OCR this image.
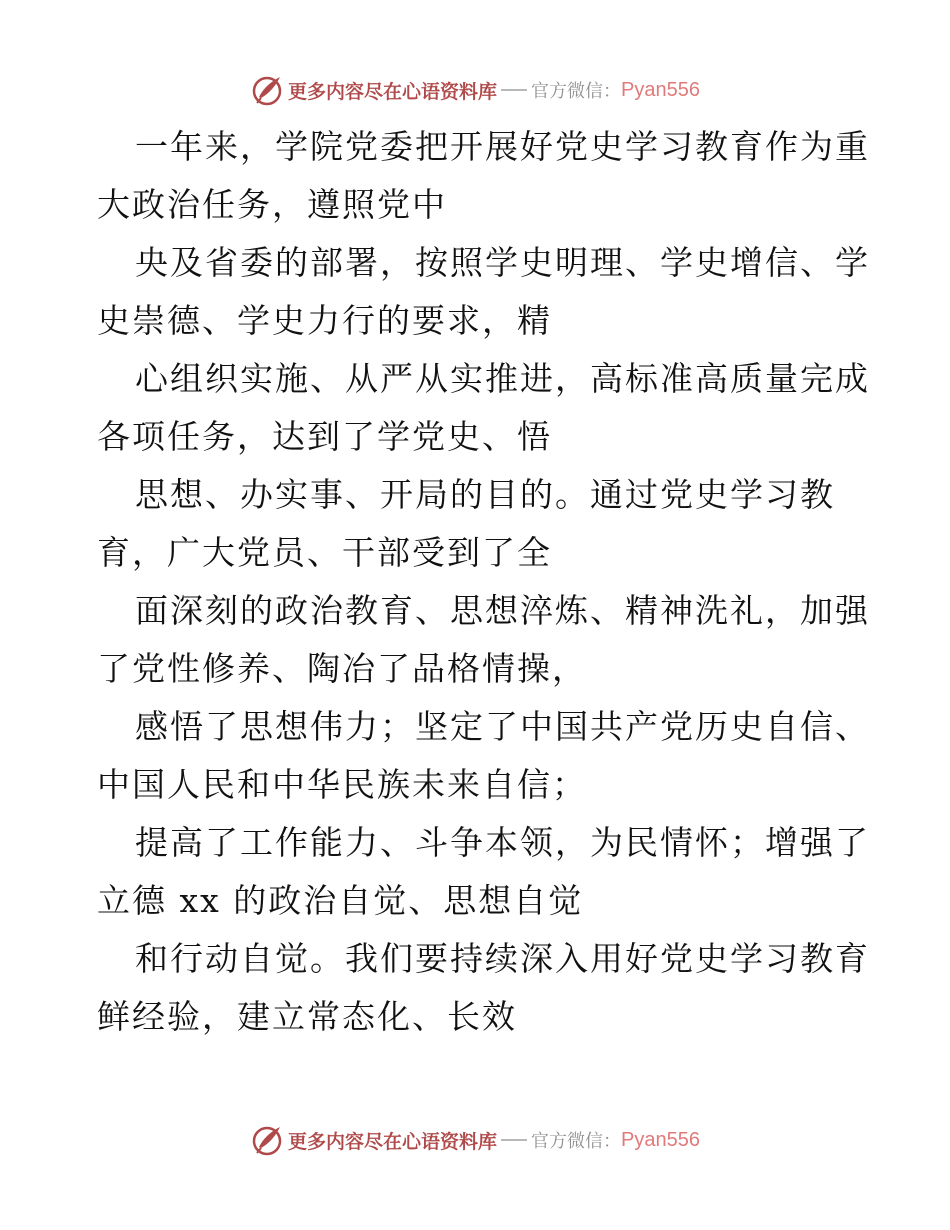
更多内容尽在心语资料库 官方微信： Pyan556
一年来，学院党委把开展好党史学习教育作为重
大政治任务，遵照党中
央及省委的部署，按照学史明理、学史增信、学
史崇德、学史力行的要求，精
心组织实施、从严从实推进，高标准高质量完成
各项任务，达到了学党史、悟
思想、办实事、开局的目的。通过党史学习教
育，广大党员、干部受到了全
面深刻的政治教育、思想淬炼、精神洗礼，加强
了党性修养、陶冶了品格情操，
感悟了思想伟力；坚定了中国共产党历史自信、
中国人民和中华民族未来自信；
提高了工作能力、斗争本领，为民情怀；增强了
立德 xx 的政治自觉、思想自觉
和行动自觉。我们要持续深入用好党史学习教育
鲜经验，建立常态化、长效
更多内容尽在心语资料库 官方微信： Pyan556
